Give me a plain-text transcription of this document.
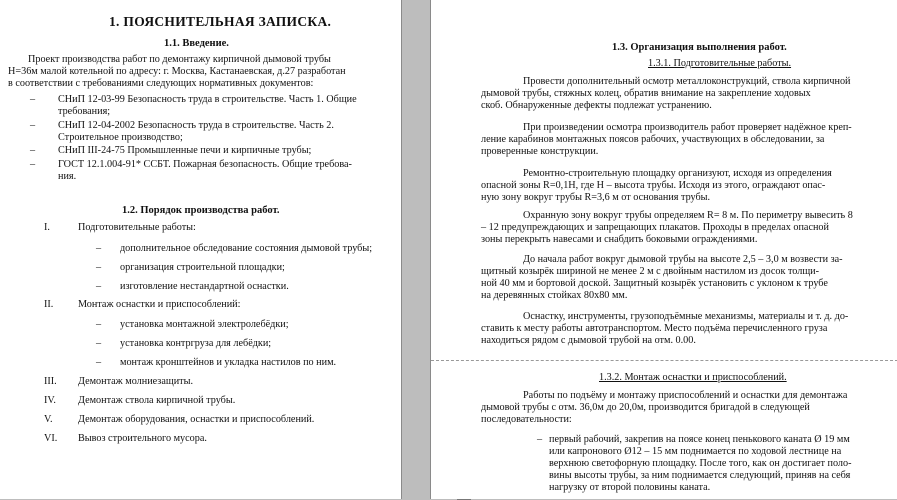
1. ПОЯСНИТЕЛЬНАЯ ЗАПИСКА.
1.1. Введение.
Проект производства работ по демонтажу кирпичной дымовой трубы
H=36м малой котельной по адресу: г. Москва, Кастанаевская, д.27 разработан
в соответствии с требованиями следующих нормативных документов:
– СНиП 12-03-99 Безопасность труда в строительстве. Часть 1. Общие
требования;
– СНиП 12-04-2002 Безопасность труда в строительстве. Часть 2.
Строительное производство;
– СНиП III-24-75 Промышленные печи и кирпичные трубы;
– ГОСТ 12.1.004-91* ССБТ. Пожарная безопасность. Общие требова-
ния.
1.2. Порядок производства работ.
I.	Подготовительные работы:
– дополнительное обследование состояния дымовой трубы;
– организация строительной площадки;
– изготовление нестандартной оснастки.
II. Монтаж оснастки и приспособлений:
– установка монтажной электролебёдки;
– установка контргруза для лебёдки;
– монтаж кронштейнов и укладка настилов по ним.
III. Демонтаж молниезащиты.
IV. Демонтаж ствола кирпичной трубы.
V. Демонтаж оборудования, оснастки и приспособлений.
VI. Вывоз строительного мусора.
1.3. Организация выполнения работ.
1.3.1. Подготовительные работы.
Провести дополнительный осмотр металлоконструкций, ствола кирпичной
дымовой трубы, стяжных колец, обратив внимание на закрепление ходовых
скоб. Обнаруженные дефекты подлежат устранению.
При произведении осмотра производитель работ проверяет надёжное креп-
ление карабинов монтажных поясов рабочих, участвующих в обследовании, за
проверенные конструкции.
Ремонтно-строительную площадку организуют, исходя из определения
опасной зоны R=0,1H, где H – высота трубы. Исходя из этого, ограждают опас-
ную зону вокруг трубы R=3,6 м от основания трубы.
Охранную зону вокруг трубы определяем R= 8 м. По периметру вывесить 8
– 12 предупреждающих и запрещающих плакатов. Проходы в пределах опасной
зоны перекрыть навесами и снабдить боковыми ограждениями.
До начала работ вокруг дымовой трубы на высоте 2,5 – 3,0 м возвести за-
щитный козырёк шириной не менее 2 м с двойным настилом из досок толщи-
ной 40 мм и бортовой доской. Защитный козырёк установить с уклоном к трубе
на деревянных стойках 80х80 мм.
Оснастку, инструменты, грузоподъёмные механизмы, материалы и т. д. до-
ставить к месту работы автотранспортом. Место подъёма перечисленного груза
находиться рядом с дымовой трубой на отм. 0.00.
1.3.2. Монтаж оснастки и приспособлений.
Работы по подъёму и монтажу приспособлений и оснастки для демонтажа
дымовой трубы с отм. 36,0м до 20,0м, производится бригадой в следующей
последовательности:
– первый рабочий, закрепив на поясе конец пенькового каната Ø 19 мм
или капронового Ø12 – 15 мм поднимается по ходовой лестнице на
верхнюю светофорную площадку. После того, как он достигает поло-
вины высоты трубы, за ним поднимается следующий, приняв на себя
нагрузку от второй половины каната.
